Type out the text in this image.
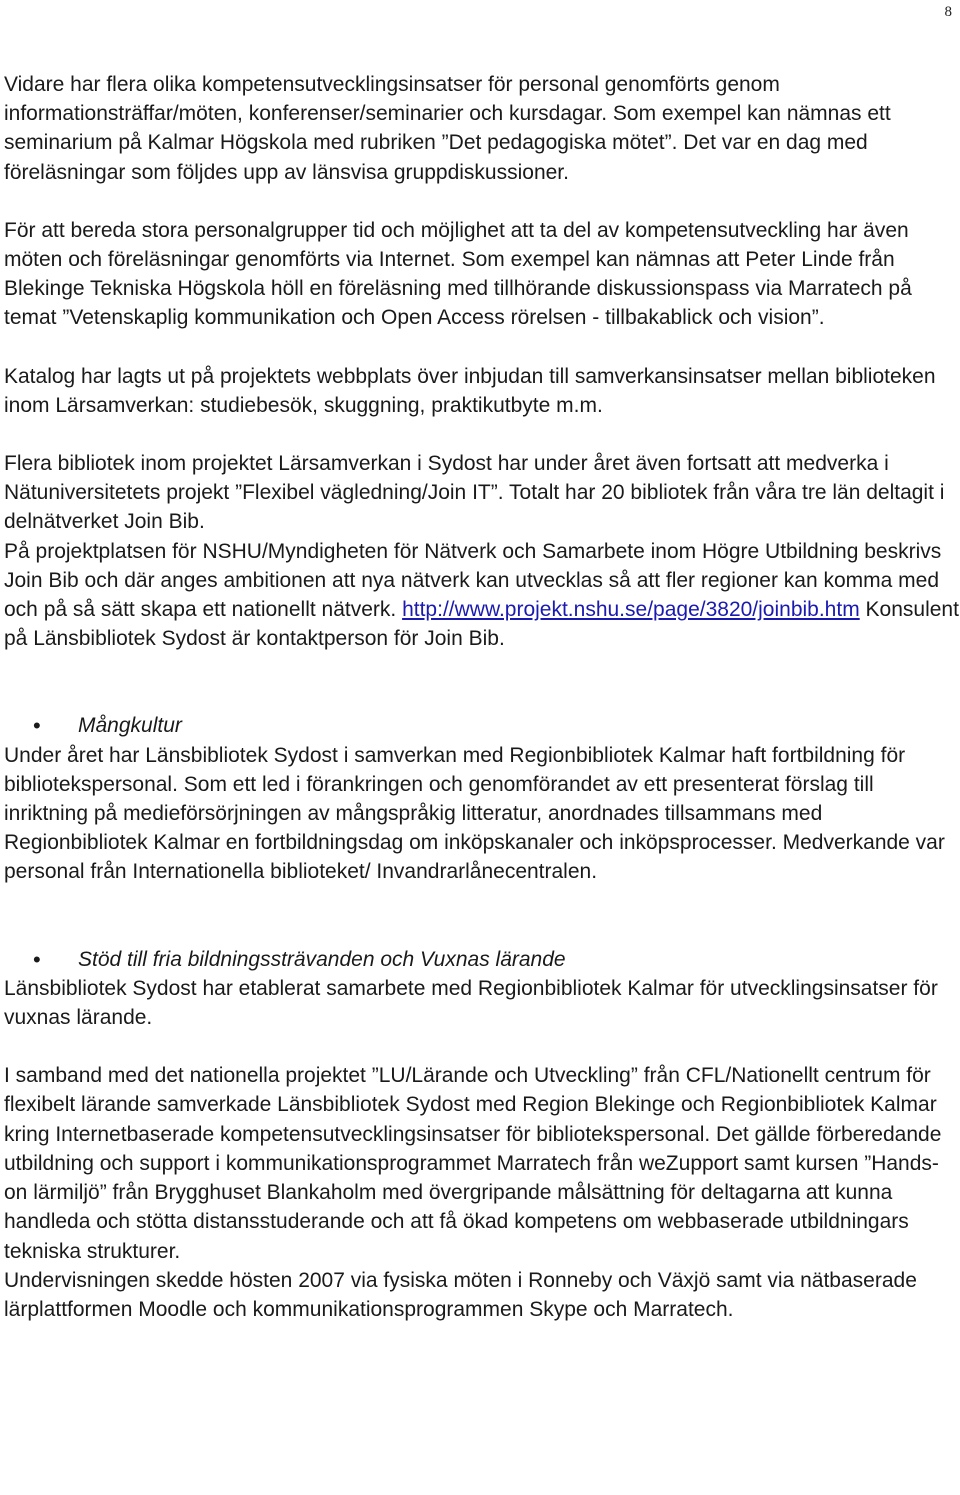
8

Vidare har flera olika kompetensutvecklingsinsatser för personal genomförts genom informationsträffar/möten, konferenser/seminarier och kursdagar. Som exempel kan nämnas ett seminarium på Kalmar Högskola med rubriken ”Det pedagogiska mötet”. Det var en dag med föreläsningar som följdes upp av länsvisa gruppdiskussioner.

För att bereda stora personalgrupper tid och möjlighet att ta del av kompetensutveckling har även möten och föreläsningar genomförts via Internet. Som exempel kan nämnas att Peter Linde från Blekinge Tekniska Högskola höll en föreläsning med tillhörande diskussionspass via Marratech på temat ”Vetenskaplig kommunikation och Open Access rörelsen - tillbakablick och vision”.

Katalog har lagts ut på projektets webbplats över inbjudan till samverkansinsatser mellan biblioteken inom Lärsamverkan: studiebesök, skuggning, praktikutbyte m.m.

Flera bibliotek inom projektet Lärsamverkan i Sydost har under året även fortsatt att medverka i Nätuniversitetets projekt ”Flexibel vägledning/Join IT”. Totalt har 20 bibliotek från våra tre län deltagit i delnätverket Join Bib.

På projektplatsen för NSHU/Myndigheten för Nätverk och Samarbete inom Högre Utbildning beskrivs Join Bib och där anges ambitionen att nya nätverk kan utvecklas så att fler regioner kan komma med och på så sätt skapa ett nationellt nätverk. http://www.projekt.nshu.se/page/3820/joinbib.htm Konsulent på Länsbibliotek Sydost är kontaktperson för Join Bib.

• Mångkultur

Under året har Länsbibliotek Sydost i samverkan med Regionbibliotek Kalmar haft fortbildning för bibliotekspersonal. Som ett led i förankringen och genomförandet av ett presenterat förslag till inriktning på medieförsörjningen av mångspråkig litteratur, anordnades tillsammans med Regionbibliotek Kalmar en fortbildningsdag om inköpskanaler och inköpsprocesser. Medverkande var personal från Internationella biblioteket/ Invandrarlånecentralen.

• Stöd till fria bildningssträvanden och Vuxnas lärande

Länsbibliotek Sydost har etablerat samarbete med Regionbibliotek Kalmar för utvecklingsinsatser för vuxnas lärande.

I samband med det nationella projektet ”LU/Lärande och Utveckling” från CFL/Nationellt centrum för flexibelt lärande samverkade Länsbibliotek Sydost med Region Blekinge och Regionbibliotek Kalmar kring Internetbaserade kompetensutvecklingsinsatser för bibliotekspersonal. Det gällde förberedande utbildning och support i kommunikationsprogrammet Marratech från weZupport samt kursen ”Hands-on lärmiljö” från Brygghuset Blankaholm med övergripande målsättning för deltagarna att kunna handleda och stötta distansstuderande och att få ökad kompetens om webbaserade utbildningars tekniska strukturer.

Undervisningen skedde hösten 2007 via fysiska möten i Ronneby och Växjö samt via nätbaserade lärplattformen Moodle och kommunikationsprogrammen Skype och Marratech.
